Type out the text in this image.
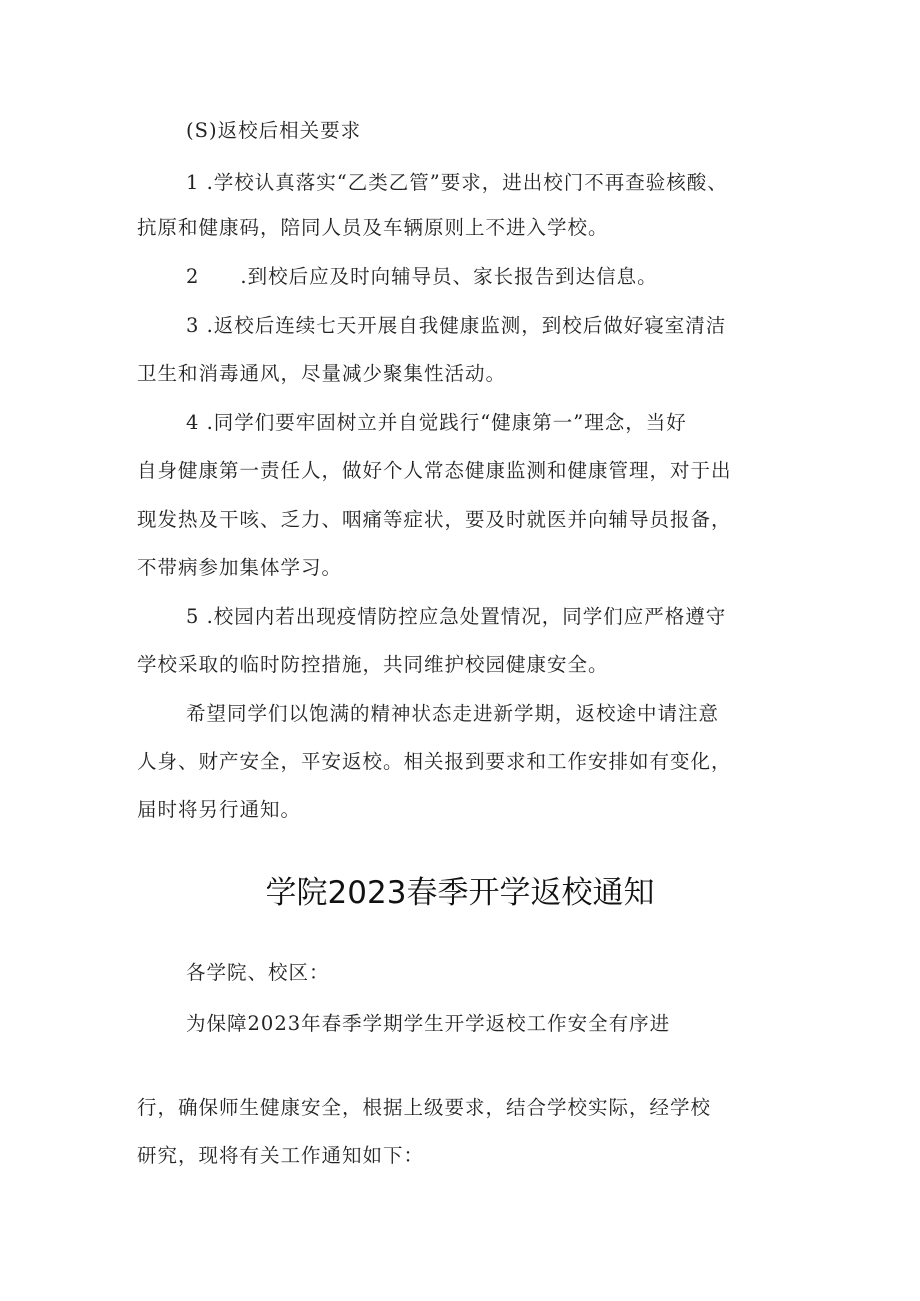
(S)返校后相关要求
1 .学校认真落实“乙类乙管”要求，进出校门不再查验核酸、
抗原和健康码，陪同人员及车辆原则上不进入学校。
2　　.到校后应及时向辅导员、家长报告到达信息。
3 .返校后连续七天开展自我健康监测，到校后做好寝室清洁
卫生和消毒通风，尽量减少聚集性活动。
4 .同学们要牢固树立并自觉践行“健康第一”理念，当好
自身健康第一责任人，做好个人常态健康监测和健康管理，对于出
现发热及干咳、乏力、咽痛等症状，要及时就医并向辅导员报备，
不带病参加集体学习。
5 .校园内若出现疫情防控应急处置情况，同学们应严格遵守
学校采取的临时防控措施，共同维护校园健康安全。
希望同学们以饱满的精神状态走进新学期，返校途中请注意
人身、财产安全，平安返校。相关报到要求和工作安排如有变化，
届时将另行通知。
学院2023春季开学返校通知
各学院、校区：
为保障2023年春季学期学生开学返校工作安全有序进
行，确保师生健康安全，根据上级要求，结合学校实际，经学校
研究，现将有关工作通知如下：
